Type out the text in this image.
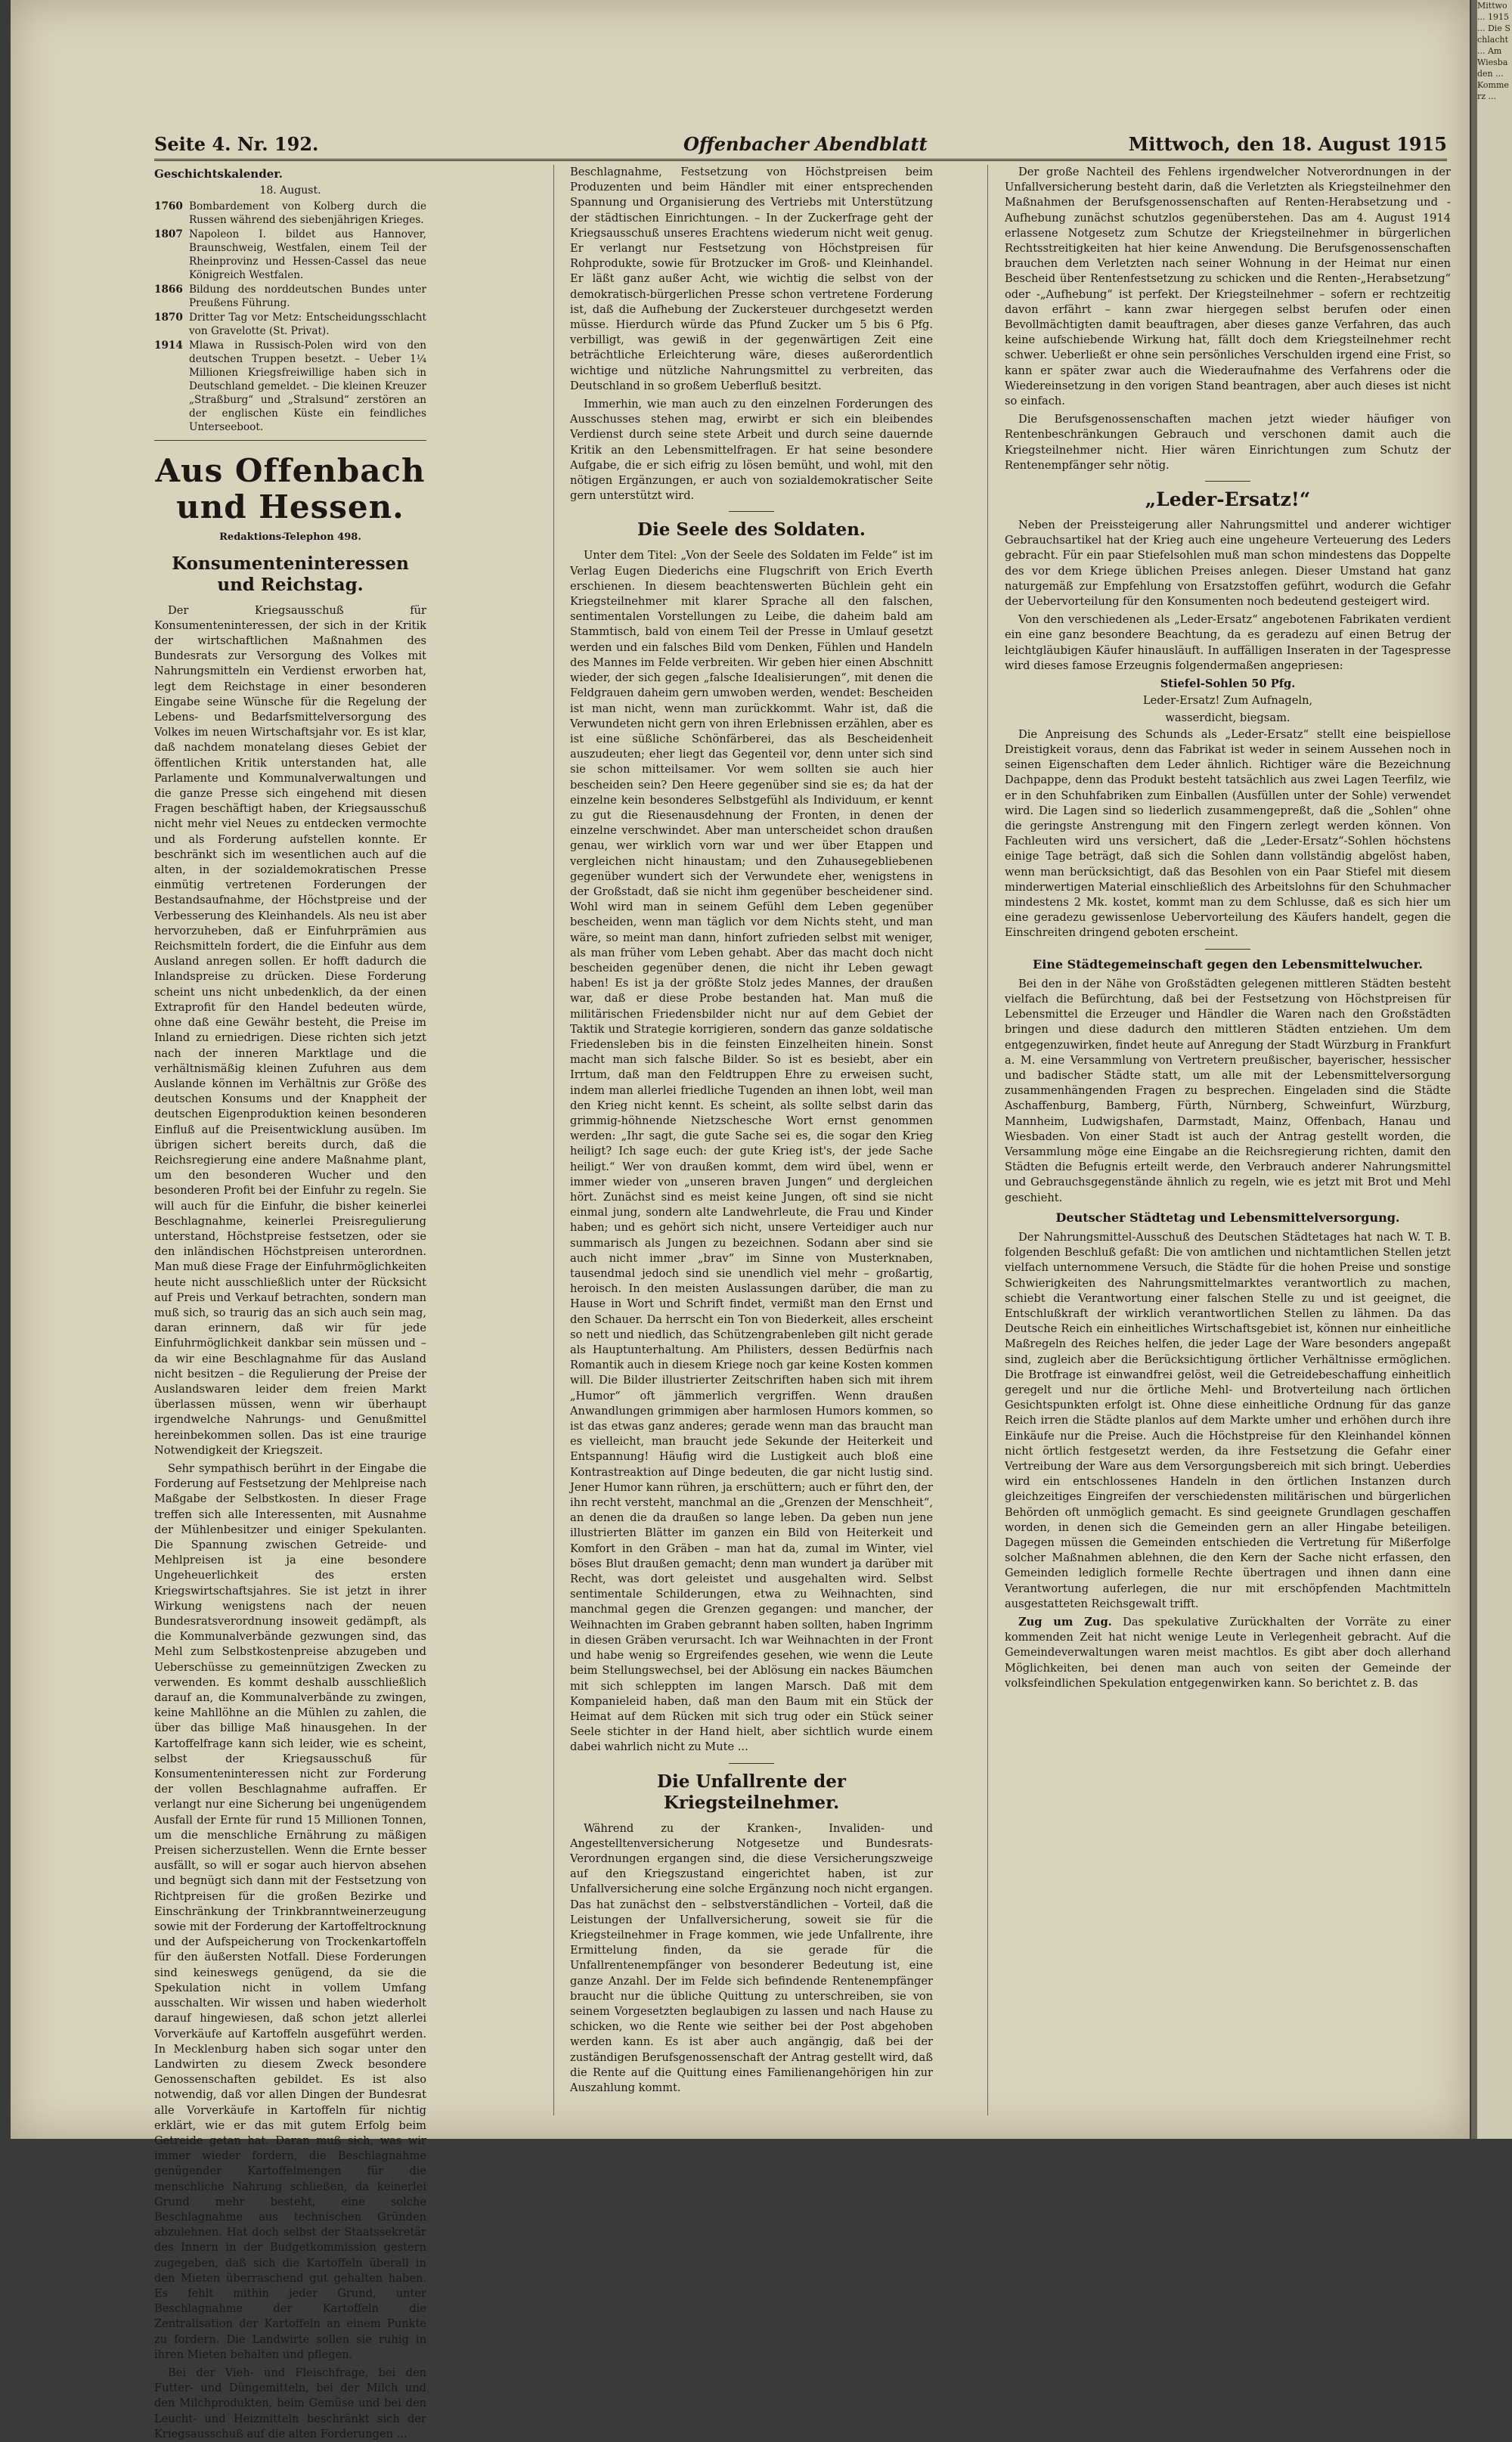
Seite 4. Nr. 192.	Offenbacher Abendblatt	Mittwoch, den 18. August 1915
Geschichtskalender.
18. August.
1760 Bombardement von Kolberg durch die Russen während des siebenjährigen Krieges.
1807 Napoleon I. bildet aus Hannover, Braunschweig, Westfalen, einem Teil der Rheinprovinz und Hessen-Cassel das neue Königreich Westfalen.
1866 Bildung des norddeutschen Bundes unter Preußens Führung.
1870 Dritter Tag vor Metz: Entscheidungsschlacht von Gravelotte (St. Privat).
1914 Mlawa in Russisch-Polen wird von den deutschen Truppen besetzt. – Ueber 1¼ Millionen Kriegsfreiwillige haben sich in Deutschland gemeldet. – Die kleinen Kreuzer „Straßburg“ und „Stralsund“ zerstören an der englischen Küste ein feindliches Unterseeboot.
Aus Offenbach und Hessen.
Redaktions-Telephon 498.
Konsumenteninteressen und Reichstag.

Der Kriegsausschuß für Konsumenteninteressen, der sich in der Kritik der wirtschaftlichen Maßnahmen des Bundesrats zur Versorgung des Volkes mit Nahrungsmitteln ein Verdienst erworben hat, legt dem Reichstage in einer besonderen Eingabe seine Wünsche für die Regelung der Lebens- und Bedarfsmittelversorgung des Volkes im neuen Wirtschaftsjahr vor. Es ist klar, daß nachdem monatelang dieses Gebiet der öffentlichen Kritik unterstanden hat, alle Parlamente und Kommunalverwaltungen und die ganze Presse sich eingehend mit diesen Fragen beschäftigt haben, der Kriegsausschuß nicht mehr viel Neues zu entdecken vermochte und als Forderung aufstellen konnte. Er beschränkt sich im wesentlichen auch auf die alten, in der sozialdemokratischen Presse einmütig vertretenen Forderungen der Bestandsaufnahme, der Höchstpreise und der Verbesserung des Kleinhandels. Als neu ist aber hervorzuheben, daß er Einfuhrprämien aus Reichsmitteln fordert, die die Einfuhr aus dem Ausland anregen sollen. Er hofft dadurch die Inlandspreise zu drücken. Diese Forderung scheint uns nicht unbedenklich, da der einen Extraprofit für den Handel bedeuten würde, ohne daß eine Gewähr besteht, die Preise im Inland zu erniedrigen. Diese richten sich jetzt nach der inneren Marktlage und die verhältnismäßig kleinen Zufuhren aus dem Auslande können im Verhältnis zur Größe des deutschen Konsums und der Knappheit der deutschen Eigenproduktion keinen besonderen Einfluß auf die Preisentwicklung ausüben. Im übrigen sichert bereits durch, daß die Reichsregierung eine andere Maßnahme plant, um den besonderen Wucher und den besonderen Profit bei der Einfuhr zu regeln. Sie will auch für die Einfuhr, die bisher keinerlei Beschlagnahme, keinerlei Preisregulierung unterstand, Höchstpreise festsetzen, oder sie den inländischen Höchstpreisen unterordnen. Man muß diese Frage der Einfuhrmöglichkeiten heute nicht ausschließlich unter der Rücksicht auf Preis und Verkauf betrachten, sondern man muß sich, so traurig das an sich auch sein mag, daran erinnern, daß wir für jede Einfuhrmöglichkeit dankbar sein müssen und – da wir eine Beschlagnahme für das Ausland nicht besitzen – die Regulierung der Preise der Auslandswaren leider dem freien Markt überlassen müssen, wenn wir überhaupt irgendwelche Nahrungs- und Genußmittel hereinbekommen sollen. Das ist eine traurige Notwendigkeit der Kriegszeit.

Sehr sympathisch berührt in der Eingabe die Forderung auf Festsetzung der Mehlpreise nach Maßgabe der Selbstkosten. In dieser Frage treffen sich alle Interessenten, mit Ausnahme der Mühlenbesitzer und einiger Spekulanten. Die Spannung zwischen Getreide- und Mehlpreisen ist ja eine besondere Ungeheuerlichkeit des ersten Kriegswirtschaftsjahres. Sie ist jetzt in ihrer Wirkung wenigstens nach der neuen Bundesratsverordnung insoweit gedämpft, als die Kommunalverbände gezwungen sind, das Mehl zum Selbstkostenpreise abzugeben und Ueberschüsse zu gemeinnützigen Zwecken zu verwenden. Es kommt deshalb ausschließlich darauf an, die Kommunalverbände zu zwingen, keine Mahllöhne an die Mühlen zu zahlen, die über das billige Maß hinausgehen. In der Kartoffelfrage kann sich leider, wie es scheint, selbst der Kriegsausschuß für Konsumenteninteressen nicht zur Forderung der vollen Beschlagnahme aufraffen. Er verlangt nur eine Sicherung bei ungenügendem Ausfall der Ernte für rund 15 Millionen Tonnen, um die menschliche Ernährung zu mäßigen Preisen sicherzustellen. Wenn die Ernte besser ausfällt, so will er sogar auch hiervon absehen und begnügt sich dann mit der Festsetzung von Richtpreisen für die großen Bezirke und Einschränkung der Trinkbranntweinerzeugung sowie mit der Forderung der Kartoffeltrocknung und der Aufspeicherung von Trockenkartoffeln für den äußersten Notfall. Diese Forderungen sind keineswegs genügend, da sie die Spekulation nicht in vollem Umfang ausschalten. Wir wissen und haben wiederholt darauf hingewiesen, daß schon jetzt allerlei Vorverkäufe auf Kartoffeln ausgeführt werden. In Mecklenburg haben sich sogar unter den Landwirten zu diesem Zweck besondere Genossenschaften gebildet. Es ist also notwendig, daß vor allen Dingen der Bundesrat alle Vorverkäufe in Kartoffeln für nichtig erklärt, wie er das mit gutem Erfolg beim Getreide getan hat. Daran muß sich, was wir immer wieder fordern, die Beschlagnahme genügender Kartoffelmengen für die menschliche Nahrung schließen, da keinerlei Grund mehr besteht, eine solche Beschlagnahme aus technischen Gründen abzulehnen. Hat doch selbst der Staatssekretär des Innern in der Budgetkommission gestern zugegeben, daß sich die Kartoffeln überall in den Mieten überraschend gut gehalten haben. Es fehlt mithin jeder Grund, unter Beschlagnahme der Kartoffeln die Zentralisation der Kartoffeln an einem Punkte zu fordern. Die Landwirte sollen sie ruhig in ihren Mieten behalten und pflegen.

Bei der Vieh- und Fleischfrage, bei den Futter- und Düngemitteln, bei der Milch und den Milchprodukten, beim Gemüse und bei den Leucht- und Heizmitteln beschränkt sich der Kriegsausschuß auf die alten Forderungen ...

Beschlagnahme, Festsetzung von Höchstpreisen beim Produzenten und beim Händler mit einer entsprechenden Spannung und Organisierung des Vertriebs mit Unterstützung der städtischen Einrichtungen. – In der Zuckerfrage geht der Kriegsausschuß unseres Erachtens wiederum nicht weit genug. Er verlangt nur Festsetzung von Höchstpreisen für Rohprodukte, sowie für Brotzucker im Groß- und Kleinhandel. Er läßt ganz außer Acht, wie wichtig die selbst von der demokratisch-bürgerlichen Presse schon vertretene Forderung ist, daß die Aufhebung der Zuckersteuer durchgesetzt werden müsse. Hierdurch würde das Pfund Zucker um 5 bis 6 Pfg. verbilligt, was gewiß in der gegenwärtigen Zeit eine beträchtliche Erleichterung wäre, dieses außerordentlich wichtige und nützliche Nahrungsmittel zu verbreiten, das Deutschland in so großem Ueberfluß besitzt.

Immerhin, wie man auch zu den einzelnen Forderungen des Ausschusses stehen mag, erwirbt er sich ein bleibendes Verdienst durch seine stete Arbeit und durch seine dauernde Kritik an den Lebensmittelfragen. Er hat seine besondere Aufgabe, die er sich eifrig zu lösen bemüht, und wohl, mit den nötigen Ergänzungen, er auch von sozialdemokratischer Seite gern unterstützt wird.

Die Seele des Soldaten.

Unter dem Titel: „Von der Seele des Soldaten im Felde“ ist im Verlag Eugen Diederichs eine Flugschrift von Erich Everth erschienen. In diesem beachtenswerten Büchlein geht ein Kriegsteilnehmer mit klarer Sprache all den falschen, sentimentalen Vorstellungen zu Leibe, die daheim bald am Stammtisch, bald von einem Teil der Presse in Umlauf gesetzt werden und ein falsches Bild vom Denken, Fühlen und Handeln des Mannes im Felde verbreiten. Wir geben hier einen Abschnitt wieder, der sich gegen „falsche Idealisierungen“, mit denen die Feldgrauen daheim gern umwoben werden, wendet: Bescheiden ist man nicht, wenn man zurückkommt. Wahr ist, daß die Verwundeten nicht gern von ihren Erlebnissen erzählen, aber es ist eine süßliche Schönfärberei, das als Bescheidenheit auszudeuten; eher liegt das Gegenteil vor, denn unter sich sind sie schon mitteilsamer. Vor wem sollten sie auch hier bescheiden sein? Den Heere gegenüber sind sie es; da hat der einzelne kein besonderes Selbstgefühl als Individuum, er kennt zu gut die Riesenausdehnung der Fronten, in denen der einzelne verschwindet. Aber man unterscheidet schon draußen genau, wer wirklich vorn war und wer über Etappen und vergleichen nicht hinaustam; und den Zuhausegebliebenen gegenüber wundert sich der Verwundete eher, wenigstens in der Großstadt, daß sie nicht ihm gegenüber bescheidener sind. Wohl wird man in seinem Gefühl dem Leben gegenüber bescheiden, wenn man täglich vor dem Nichts steht, und man wäre, so meint man dann, hinfort zufrieden selbst mit weniger, als man früher vom Leben gehabt. Aber das macht doch nicht bescheiden gegenüber denen, die nicht ihr Leben gewagt haben! Es ist ja der größte Stolz jedes Mannes, der draußen war, daß er diese Probe bestanden hat. Man muß die militärischen Friedensbilder nicht nur auf dem Gebiet der Taktik und Strategie korrigieren, sondern das ganze soldatische Friedensleben bis in die feinsten Einzelheiten hinein. Sonst macht man sich falsche Bilder. So ist es besiebt, aber ein Irrtum, daß man den Feldtruppen Ehre zu erweisen sucht, indem man allerlei friedliche Tugenden an ihnen lobt, weil man den Krieg nicht kennt. Es scheint, als sollte selbst darin das grimmig-höhnende Nietzschesche Wort ernst genommen werden: „Ihr sagt, die gute Sache sei es, die sogar den Krieg heiligt? Ich sage euch: der gute Krieg ist's, der jede Sache heiligt.“ Wer von draußen kommt, dem wird übel, wenn er immer wieder von „unseren braven Jungen“ und dergleichen hört. Zunächst sind es meist keine Jungen, oft sind sie nicht einmal jung, sondern alte Landwehrleute, die Frau und Kinder haben; und es gehört sich nicht, unsere Verteidiger auch nur summarisch als Jungen zu bezeichnen. Sodann aber sind sie auch nicht immer „brav“ im Sinne von Musterknaben, tausendmal jedoch sind sie unendlich viel mehr – großartig, heroisch. In den meisten Auslassungen darüber, die man zu Hause in Wort und Schrift findet, vermißt man den Ernst und den Schauer. Da herrscht ein Ton von Biederkeit, alles erscheint so nett und niedlich, das Schützengrabenleben gilt nicht gerade als Hauptunterhaltung. Am Philisters, dessen Bedürfnis nach Romantik auch in diesem Kriege noch gar keine Kosten kommen will. Die Bilder illustrierter Zeitschriften haben sich mit ihrem „Humor“ oft jämmerlich vergriffen. Wenn draußen Anwandlungen grimmigen aber harmlosen Humors kommen, so ist das etwas ganz anderes; gerade wenn man das braucht man es vielleicht, man braucht jede Sekunde der Heiterkeit und Entspannung! Häufig wird die Lustigkeit auch bloß eine Kontrastreaktion auf Dinge bedeuten, die gar nicht lustig sind. Jener Humor kann rühren, ja erschüttern; auch er führt den, der ihn recht versteht, manchmal an die „Grenzen der Menschheit“, an denen die da draußen so lange leben. Da geben nun jene illustrierten Blätter im ganzen ein Bild von Heiterkeit und Komfort in den Gräben – man hat da, zumal im Winter, viel böses Blut draußen gemacht; denn man wundert ja darüber mit Recht, was dort geleistet und ausgehalten wird. Selbst sentimentale Schilderungen, etwa zu Weihnachten, sind manchmal gegen die Grenzen gegangen: und mancher, der Weihnachten im Graben gebrannt haben sollten, haben Ingrimm in diesen Gräben verursacht. Ich war Weihnachten in der Front und habe wenig so Ergreifendes gesehen, wie wenn die Leute beim Stellungswechsel, bei der Ablösung ein nackes Bäumchen mit sich schleppten im langen Marsch. Daß mit dem Kompanieleid haben, daß man den Baum mit ein Stück der Heimat auf dem Rücken mit sich trug oder ein Stück seiner Seele stichter in der Hand hielt, aber sichtlich wurde einem dabei wahrlich nicht zu Mute ...

Die Unfallrente der Kriegsteilnehmer.

Während zu der Kranken-, Invaliden- und Angestelltenversicherung Notgesetze und Bundesrats-Verordnungen ergangen sind, die diese Versicherungszweige auf den Kriegszustand eingerichtet haben, ist zur Unfallversicherung eine solche Ergänzung noch nicht ergangen. Das hat zunächst den – selbstverständlichen – Vorteil, daß die Leistungen der Unfallversicherung, soweit sie für die Kriegsteilnehmer in Frage kommen, wie jede Unfallrente, ihre Ermittelung finden, da sie gerade für die Unfallrentenempfänger von besonderer Bedeutung ist, eine ganze Anzahl. Der im Felde sich befindende Rentenempfänger braucht nur die übliche Quittung zu unterschreiben, sie von seinem Vorgesetzten beglaubigen zu lassen und nach Hause zu schicken, wo die Rente wie seither bei der Post abgehoben werden kann. Es ist aber auch angängig, daß bei der zuständigen Berufsgenossenschaft der Antrag gestellt wird, daß die Rente auf die Quittung eines Familienangehörigen hin zur Auszahlung kommt.

Der große Nachteil des Fehlens irgendwelcher Notverordnungen in der Unfallversicherung besteht darin, daß die Verletzten als Kriegsteilnehmer den Maßnahmen der Berufsgenossenschaften auf Renten-Herabsetzung und -Aufhebung zunächst schutzlos gegenüberstehen. Das am 4. August 1914 erlassene Notgesetz zum Schutze der Kriegsteilnehmer in bürgerlichen Rechtsstreitigkeiten hat hier keine Anwendung. Die Berufsgenossenschaften brauchen dem Verletzten nach seiner Wohnung in der Heimat nur einen Bescheid über Rentenfestsetzung zu schicken und die Renten-„Herabsetzung“ oder -„Aufhebung“ ist perfekt. Der Kriegsteilnehmer – sofern er rechtzeitig davon erfährt – kann zwar hiergegen selbst berufen oder einen Bevollmächtigten damit beauftragen, aber dieses ganze Verfahren, das auch keine aufschiebende Wirkung hat, fällt doch dem Kriegsteilnehmer recht schwer. Ueberließt er ohne sein persönliches Verschulden irgend eine Frist, so kann er später zwar auch die Wiederaufnahme des Verfahrens oder die Wiedereinsetzung in den vorigen Stand beantragen, aber auch dieses ist nicht so einfach.

Die Berufsgenossenschaften machen jetzt wieder häufiger von Rentenbeschränkungen Gebrauch und verschonen damit auch die Kriegsteilnehmer nicht. Hier wären Einrichtungen zum Schutz der Rentenempfänger sehr nötig.

„Leder-Ersatz!“

Neben der Preissteigerung aller Nahrungsmittel und anderer wichtiger Gebrauchsartikel hat der Krieg auch eine ungeheure Verteuerung des Leders gebracht. Für ein paar Stiefelsohlen muß man schon mindestens das Doppelte des vor dem Kriege üblichen Preises anlegen. Dieser Umstand hat ganz naturgemäß zur Empfehlung von Ersatzstoffen geführt, wodurch die Gefahr der Uebervorteilung für den Konsumenten noch bedeutend gesteigert wird.

Von den verschiedenen als „Leder-Ersatz“ angebotenen Fabrikaten verdient ein eine ganz besondere Beachtung, da es geradezu auf einen Betrug der leichtgläubigen Käufer hinausläuft. In auffälligen Inseraten in der Tagespresse wird dieses famose Erzeugnis folgendermaßen angepriesen:

Stiefel-Sohlen 50 Pfg.

Leder-Ersatz! Zum Aufnageln,

wasserdicht, biegsam.

Die Anpreisung des Schunds als „Leder-Ersatz“ stellt eine beispiellose Dreistigkeit voraus, denn das Fabrikat ist weder in seinem Aussehen noch in seinen Eigenschaften dem Leder ähnlich. Richtiger wäre die Bezeichnung Dachpappe, denn das Produkt besteht tatsächlich aus zwei Lagen Teerfilz, wie er in den Schuhfabriken zum Einballen (Ausfüllen unter der Sohle) verwendet wird. Die Lagen sind so liederlich zusammengepreßt, daß die „Sohlen“ ohne die geringste Anstrengung mit den Fingern zerlegt werden können. Von Fachleuten wird uns versichert, daß die „Leder-Ersatz“-Sohlen höchstens einige Tage beträgt, daß sich die Sohlen dann vollständig abgelöst haben, wenn man berücksichtigt, daß das Besohlen von ein Paar Stiefel mit diesem minderwertigen Material einschließlich des Arbeitslohns für den Schuhmacher mindestens 2 Mk. kostet, kommt man zu dem Schlusse, daß es sich hier um eine geradezu gewissenlose Uebervorteilung des Käufers handelt, gegen die Einschreiten dringend geboten erscheint.

Eine Städtegemeinschaft gegen den Lebensmittelwucher.

Bei den in der Nähe von Großstädten gelegenen mittleren Städten besteht vielfach die Befürchtung, daß bei der Festsetzung von Höchstpreisen für Lebensmittel die Erzeuger und Händler die Waren nach den Großstädten bringen und diese dadurch den mittleren Städten entziehen. Um dem entgegenzuwirken, findet heute auf Anregung der Stadt Würzburg in Frankfurt a. M. eine Versammlung von Vertretern preußischer, bayerischer, hessischer und badischer Städte statt, um alle mit der Lebensmittelversorgung zusammenhängenden Fragen zu besprechen. Eingeladen sind die Städte Aschaffenburg, Bamberg, Fürth, Nürnberg, Schweinfurt, Würzburg, Mannheim, Ludwigshafen, Darmstadt, Mainz, Offenbach, Hanau und Wiesbaden. Von einer Stadt ist auch der Antrag gestellt worden, die Versammlung möge eine Eingabe an die Reichsregierung richten, damit den Städten die Befugnis erteilt werde, den Verbrauch anderer Nahrungsmittel und Gebrauchsgegenstände ähnlich zu regeln, wie es jetzt mit Brot und Mehl geschieht.

Deutscher Städtetag und Lebensmittelversorgung.

Der Nahrungsmittel-Ausschuß des Deutschen Städtetages hat nach W. T. B. folgenden Beschluß gefaßt: Die von amtlichen und nichtamtlichen Stellen jetzt vielfach unternommene Versuch, die Städte für die hohen Preise und sonstige Schwierigkeiten des Nahrungsmittelmarktes verantwortlich zu machen, schiebt die Verantwortung einer falschen Stelle zu und ist geeignet, die Entschlußkraft der wirklich verantwortlichen Stellen zu lähmen. Da das Deutsche Reich ein einheitliches Wirtschaftsgebiet ist, können nur einheitliche Maßregeln des Reiches helfen, die jeder Lage der Ware besonders angepaßt sind, zugleich aber die Berücksichtigung örtlicher Verhältnisse ermöglichen. Die Brotfrage ist einwandfrei gelöst, weil die Getreidebeschaffung einheitlich geregelt und nur die örtliche Mehl- und Brotverteilung nach örtlichen Gesichtspunkten erfolgt ist. Ohne diese einheitliche Ordnung für das ganze Reich irren die Städte planlos auf dem Markte umher und erhöhen durch ihre Einkäufe nur die Preise. Auch die Höchstpreise für den Kleinhandel können nicht örtlich festgesetzt werden, da ihre Festsetzung die Gefahr einer Vertreibung der Ware aus dem Versorgungsbereich mit sich bringt. Ueberdies wird ein entschlossenes Handeln in den örtlichen Instanzen durch gleichzeitiges Eingreifen der verschiedensten militärischen und bürgerlichen Behörden oft unmöglich gemacht. Es sind geeignete Grundlagen geschaffen worden, in denen sich die Gemeinden gern an aller Hingabe beteiligen. Dagegen müssen die Gemeinden entschieden die Vertretung für Mißerfolge solcher Maßnahmen ablehnen, die den Kern der Sache nicht erfassen, den Gemeinden lediglich formelle Rechte übertragen und ihnen dann eine Verantwortung auferlegen, die nur mit erschöpfenden Machtmitteln ausgestatteten Reichsgewalt trifft.

Zug um Zug. Das spekulative Zurückhalten der Vorräte zu einer kommenden Zeit hat nicht wenige Leute in Verlegenheit gebracht. Auf die Gemeindeverwaltungen waren meist machtlos. Es gibt aber doch allerhand Möglichkeiten, bei denen man auch von seiten der Gemeinde der volksfeindlichen Spekulation entgegenwirken kann. So berichtet z. B. das

Mittwo ... 1915 ... Die Schlacht ... Am Wiesbaden ... Kommerz ...
